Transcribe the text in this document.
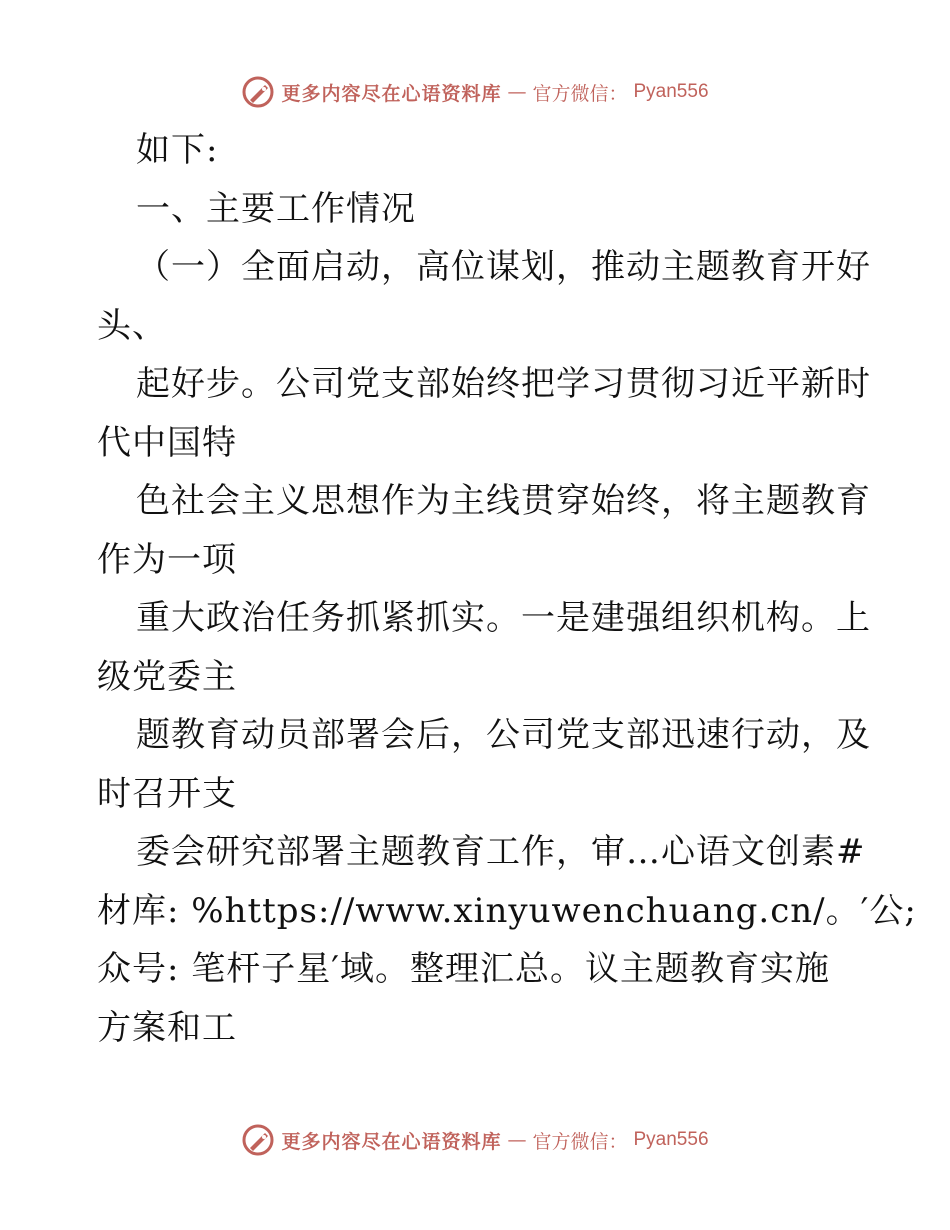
更多内容尽在心语资料库 — 官方微信： Pyan556
如下:
一、主要工作情况
（一）全面启动，高位谋划，推动主题教育开好
头、
起好步。公司党支部始终把学习贯彻习近平新时
代中国特
色社会主义思想作为主线贯穿始终，将主题教育
作为一项
重大政治任务抓紧抓实。一是建强组织机构。上
级党委主
题教育动员部署会后，公司党支部迅速行动，及
时召开支
委会研究部署主题教育工作，审…心语文创素#
材库: %https://www.xinyuwenchuang.cn/。′公;
众号: 笔杆子星′域。整理汇总。议主题教育实施
方案和工
更多内容尽在心语资料库 — 官方微信： Pyan556
